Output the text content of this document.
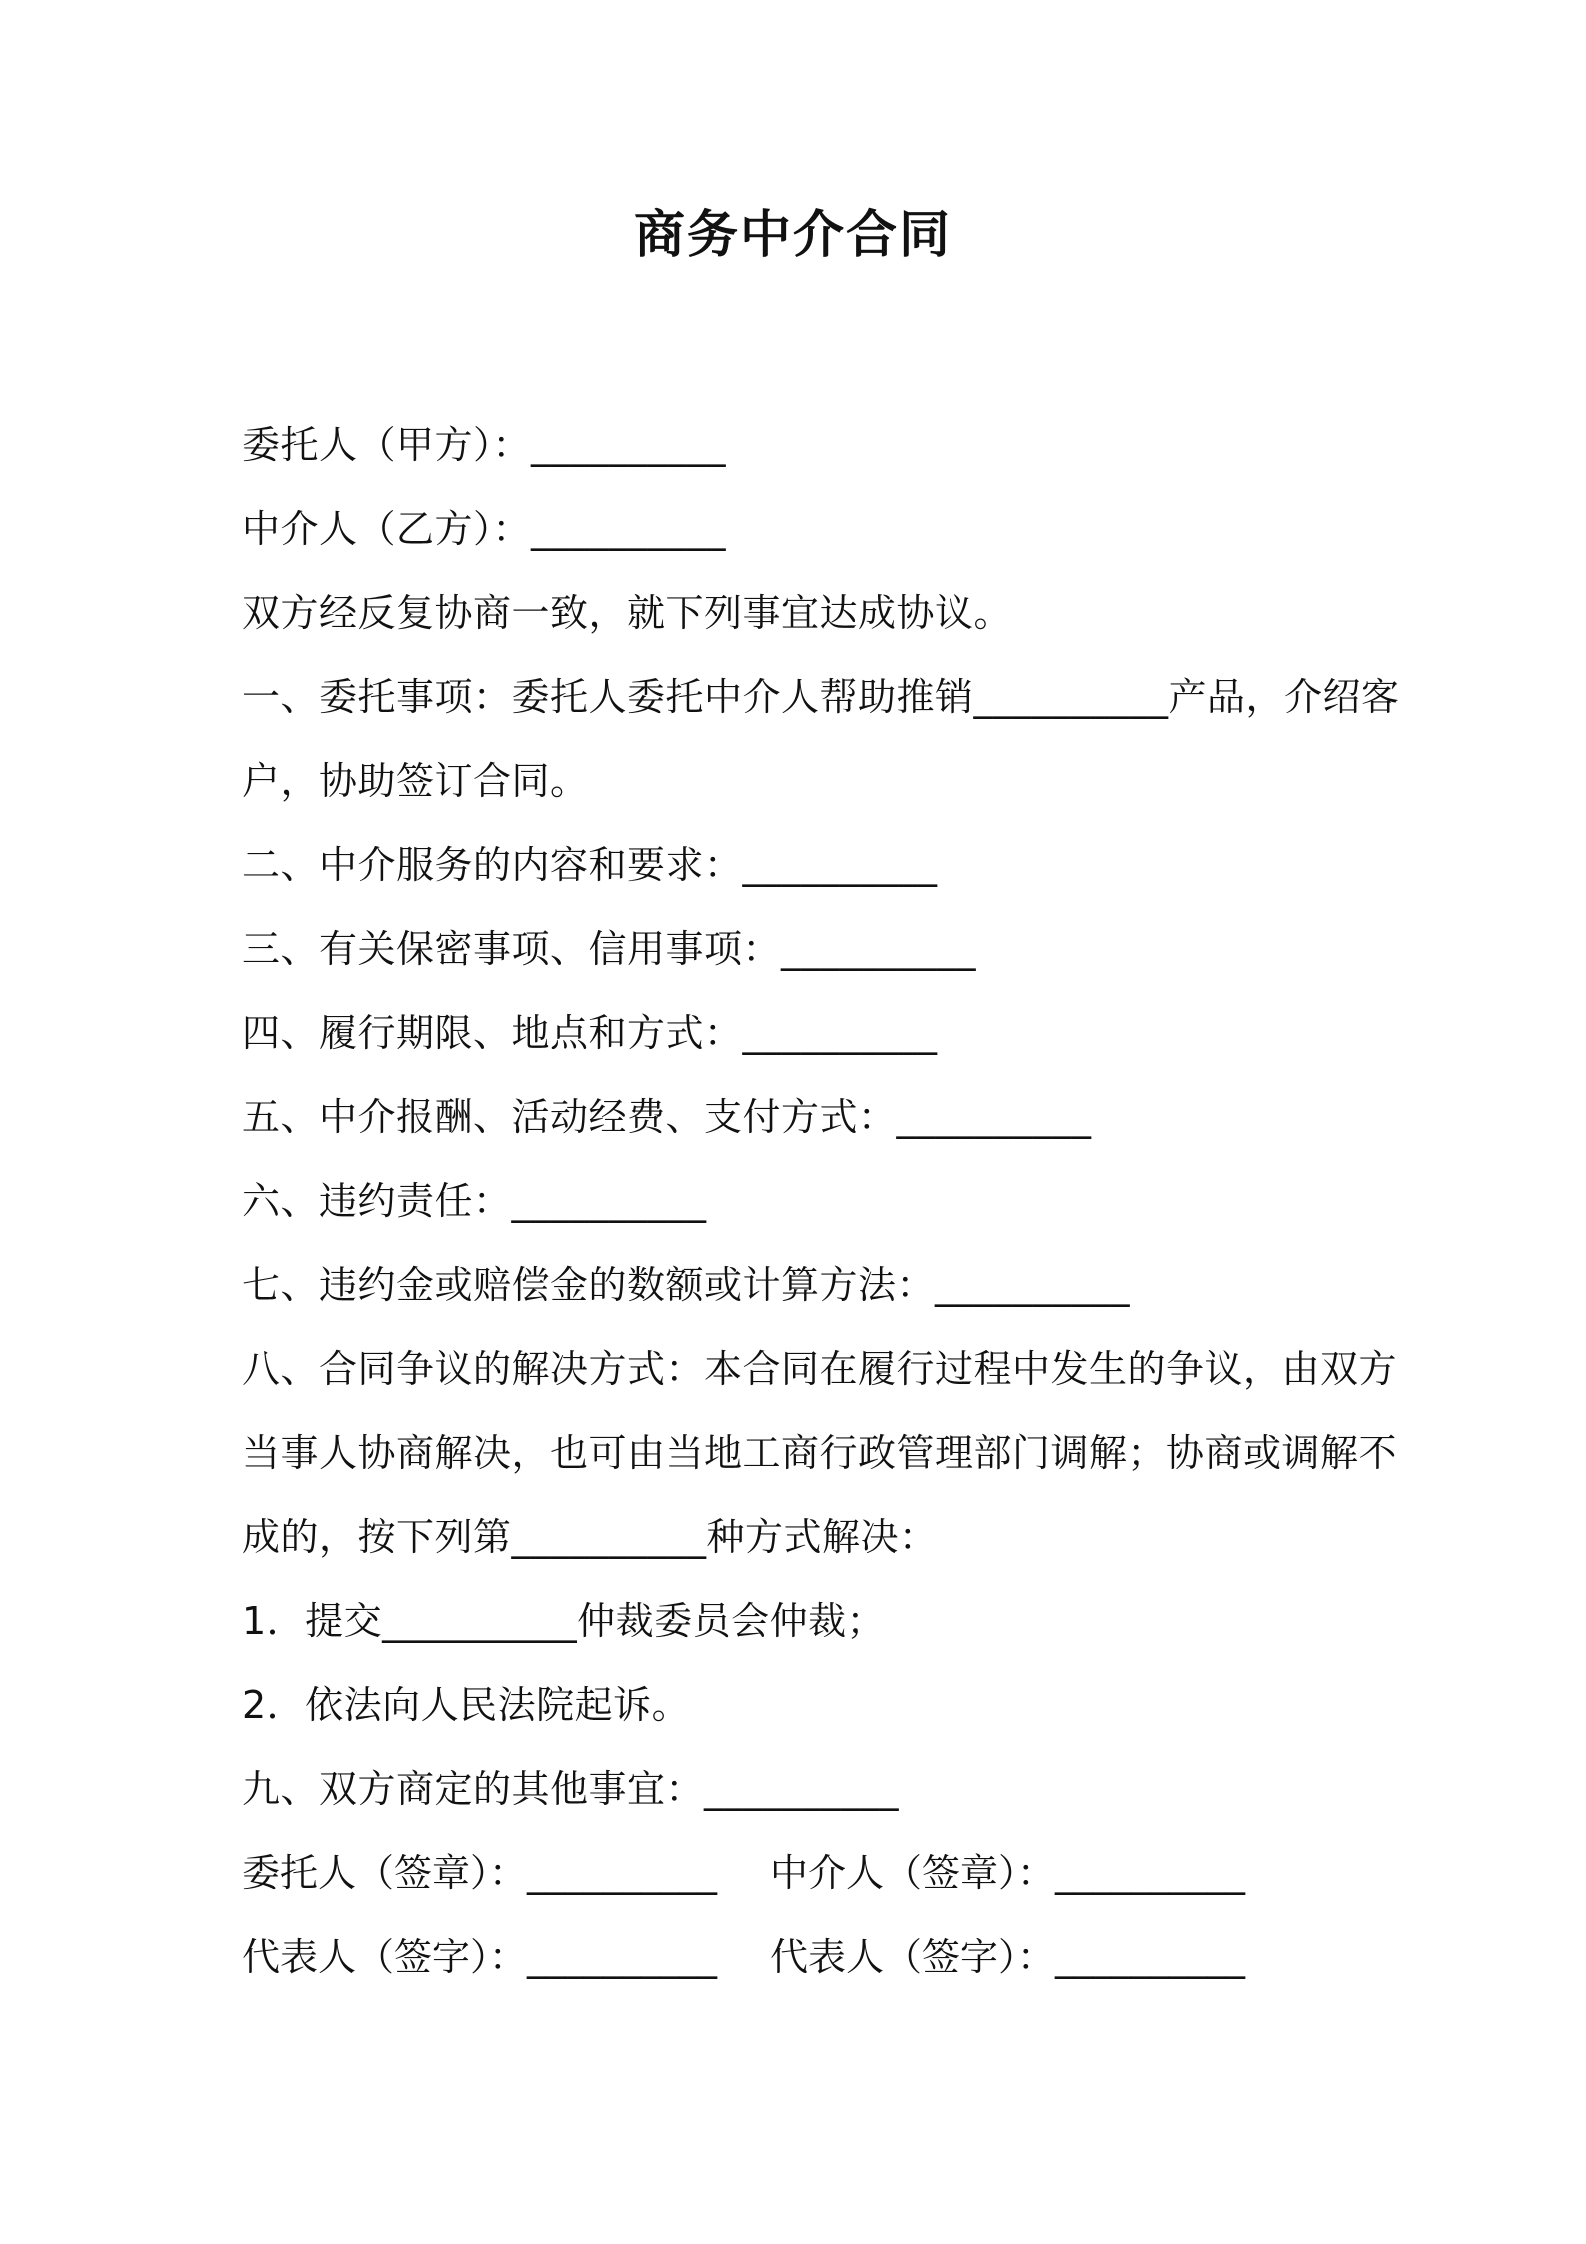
商务中介合同
委托人（甲方）：__________
中介人（乙方）：__________
双方经反复协商一致，就下列事宜达成协议。
一、委托事项：委托人委托中介人帮助推销__________产品，介绍客
户，协助签订合同。
二、中介服务的内容和要求：__________
三、有关保密事项、信用事项：__________
四、履行期限、地点和方式：__________
五、中介报酬、活动经费、支付方式：__________
六、违约责任：__________
七、违约金或赔偿金的数额或计算方法：__________
八、合同争议的解决方式：本合同在履行过程中发生的争议，由双方
当事人协商解决，也可由当地工商行政管理部门调解；协商或调解不
成的，按下列第__________种方式解决：
1．提交__________仲裁委员会仲裁；
2．依法向人民法院起诉。
九、双方商定的其他事宜：__________
委托人（签章）：__________ 中介人（签章）：__________
代表人（签字）：__________ 代表人（签字）：__________
